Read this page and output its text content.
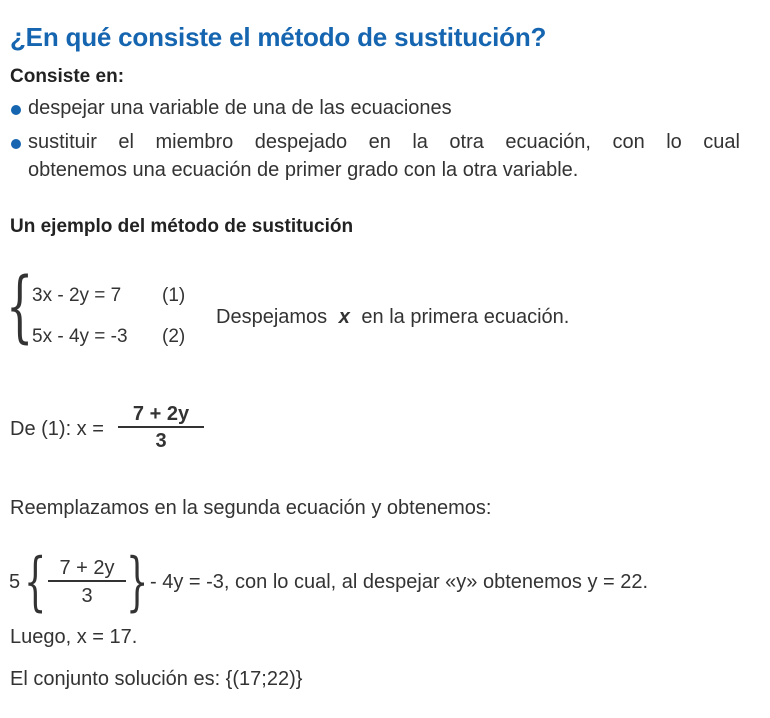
¿En qué consiste el método de sustitución?
Consiste en:
despejar una variable de una de las ecuaciones
sustituir el miembro despejado en la otra ecuación, con lo cual
obtenemos una ecuación de primer grado con la otra variable.
Un ejemplo del método de sustitución
{
3x - 2y = 7 (1)
5x - 4y = -3 (2)
Despejamos x en la primera ecuación.
De (1): x =
7 + 2y
3
Reemplazamos en la segunda ecuación y obtenemos:
5 { 7 + 2y
3 } - 4y = -3, con lo cual, al despejar «y» obtenemos y = 22.
Luego, x = 17.
El conjunto solución es: {(17;22)}
